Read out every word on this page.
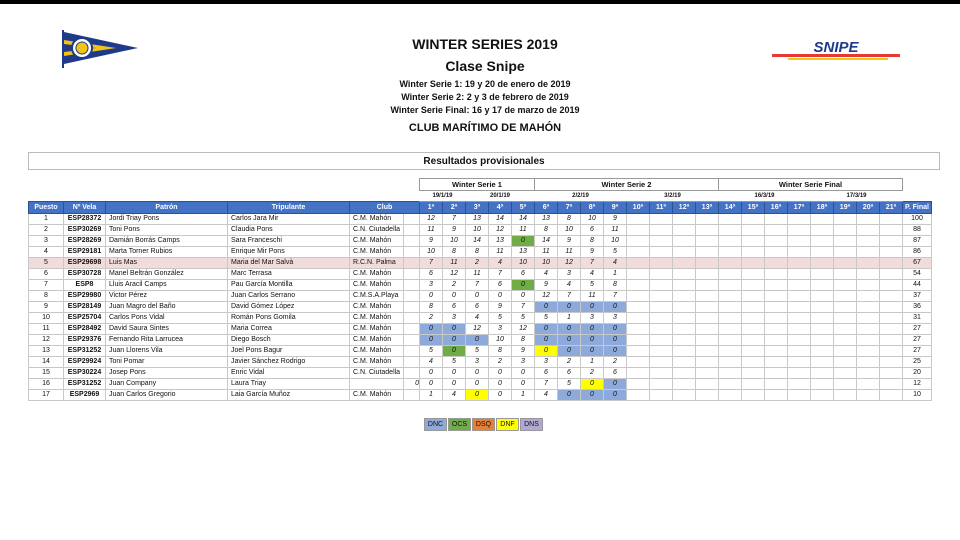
SNIPE
WINTER SERIES 2019
Clase Snipe
Winter Serie 1: 19 y 20 de enero de 2019
Winter Serie 2: 2 y 3 de febrero de 2019
Winter Serie Final: 16 y 17 de marzo de 2019
CLUB MARÍTIMO DE MAHÓN
Resultados provisionales
						Winter Serie 1					Winter Serie 2								Winter Serie Final								
						19/1/19		20/1/19			2/2/19				3/2/19				16/3/19				17/3/19				
Puesto	Nº Vela	Patrón	Tripulante	Club		1ª	2ª	3ª	4ª	5ª	6ª	7ª	8ª	9ª	10ª	11ª	12ª	13ª	14ª	15ª	16ª	17ª	18ª	19ª	20ª	21ª	P. Final
1	ESP28372	Jordi Triay Pons	Carlos Jara Mir	C.M. Mahón		12	7	13	14	14	13	8	10	9													100
2	ESP30269	Toni Pons	Claudia Pons	C.N. Ciutadella		11	9	10	12	11	8	10	6	11													88
3	ESP28269	Damián Borrás Camps	Sara Franceschi	C.M. Mahón		9	10	14	13	0	14	9	8	10													87
4	ESP29181	Marta Torner Rubios	Enrique Mir Pons	C.M. Mahón		10	8	8	11	13	11	11	9	5													86
5	ESP29698	Luis Mas	Maria del Mar Salvà	R.C.N. Palma		7	11	2	4	10	10	12	7	4													67
6	ESP30728	Manel Beltrán González	Marc Terrasa	C.M. Mahón		6	12	11	7	6	4	3	4	1													54
7	ESP8	Lluis Aracil Camps	Pau García Montilla	C.M. Mahón		3	2	7	6	0	9	4	5	8													44
8	ESP29980	Victor Pérez	Juan Carlos Serrano	C.M.S.A.Playa		0	0	0	0	0	12	7	11	7													37
9	ESP28149	Juan Magro del Baño	David Gómez López	C.M. Mahón		8	6	6	9	7	0	0	0	0													36
10	ESP25704	Carlos Pons Vidal	Román Pons Gomila	C.M. Mahón		2	3	4	5	5	5	1	3	3													31
11	ESP28492	David Saura Sintes	Maria Correa	C.M. Mahón		0	0	12	3	12	0	0	0	0													27
12	ESP29376	Fernando Rita Larrucea	Diego Bosch	C.M. Mahón		0	0	0	10	8	0	0	0	0													27
13	ESP31252	Juan Llorens Vila	Joel Pons Bagur	C.M. Mahón		5	0	5	8	9	0	0	0	0													27
14	ESP29924	Toni Pomar	Javier Sánchez Rodrigo	C.M. Mahón		4	5	3	2	3	3	2	1	2													25
15	ESP30224	Josep Pons	Enric Vidal	C.N. Ciutadella		0	0	0	0	0	6	6	2	6													20
16	ESP31252	Juan Company	Laura Triay		0	0	0	0	0	0	7	5	0	0													12
17	ESP2969	Juan Carlos Gregorio	Laia García Muñoz	C.M. Mahón		1	4	0	0	1	4	0	0	0													10
DNC	OCS	DSQ	DNF	DNS
